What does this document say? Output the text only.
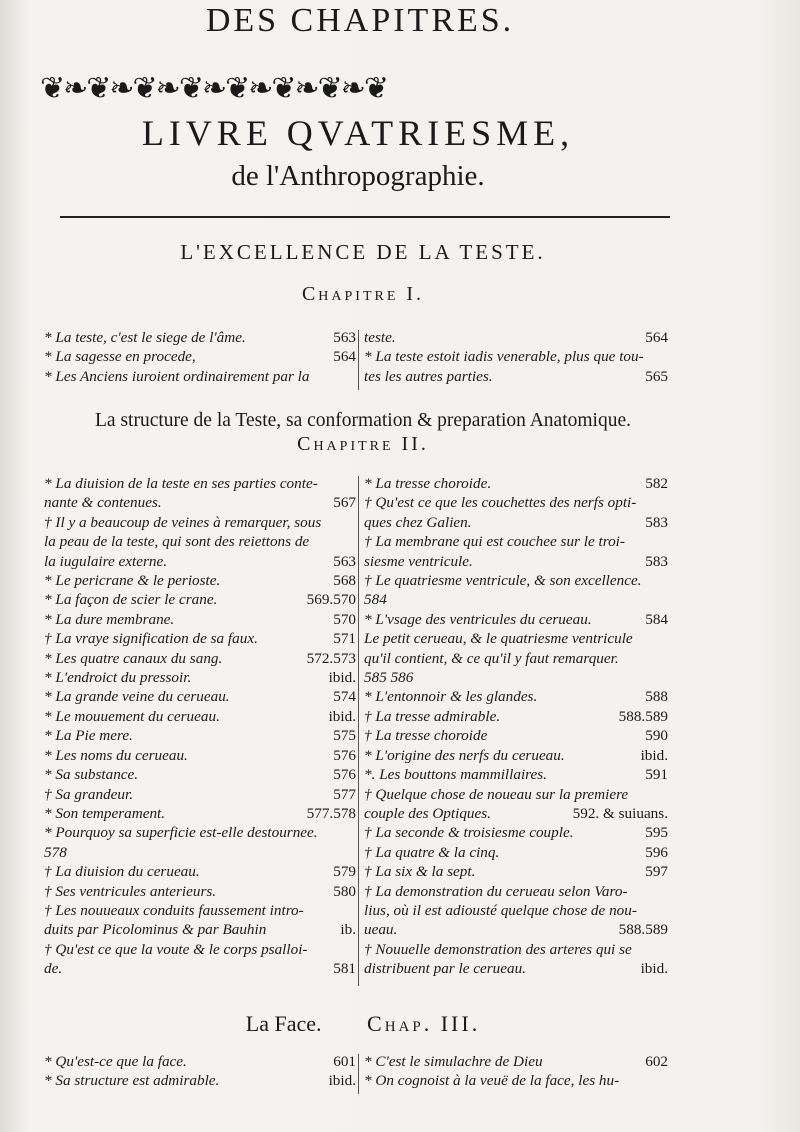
DES CHAPITRES.
❦❧❦❧❦❧❦❧❦❧❦❧❦❧❦
LIVRE QVATRIESME,
de l'Anthropographie.
L'EXCELLENCE DE LA TESTE.
Chapitre I.
563
* La teste, c'est le siege de l'âme.
564
* La sagesse en procede,
* Les Anciens iuroient ordinairement par la
564
teste.
* La teste estoit iadis venerable, plus que tou-
565
tes les autres parties.
La structure de la Teste, sa conformation & preparation Anatomique.
Chapitre II.
* La diuision de la teste en ses parties conte-
567
nante & contenues.
† Il y a beaucoup de veines à remarquer, sous
la peau de la teste, qui sont des reiettons de
563
la iugulaire externe.
568
* Le pericrane & le perioste.
569.570
* La façon de scier le crane.
570
* La dure membrane.
571
† La vraye signification de sa faux.
572.573
* Les quatre canaux du sang.
ibid.
* L'endroict du pressoir.
574
* La grande veine du cerueau.
ibid.
* Le mouuement du cerueau.
575
* La Pie mere.
576
* Les noms du cerueau.
576
* Sa substance.
577
† Sa grandeur.
577.578
* Son temperament.
* Pourquoy sa superficie est-elle destournee.
578
579
† La diuision du cerueau.
580
† Ses ventricules anterieurs.
† Les nouueaux conduits faussement intro-
ib.
duits par Picolominus & par Bauhin
† Qu'est ce que la voute & le corps psalloi-
581
de.
582
* La tresse choroide.
† Qu'est ce que les couchettes des nerfs opti-
583
ques chez Galien.
† La membrane qui est couchee sur le troi-
583
siesme ventricule.
† Le quatriesme ventricule, & son excellence.
584
584
* L'vsage des ventricules du cerueau.
Le petit cerueau, & le quatriesme ventricule
qu'il contient, & ce qu'il y faut remarquer.
585 586
588
* L'entonnoir & les glandes.
588.589
† La tresse admirable.
590
† La tresse choroide
ibid.
* L'origine des nerfs du cerueau.
591
*. Les bouttons mammillaires.
† Quelque chose de noueau sur la premiere
592. & suiuans.
couple des Optiques.
595
† La seconde & troisiesme couple.
596
† La quatre & la cinq.
597
† La six & la sept.
† La demonstration du cerueau selon Varo-
lius, où il est adiousté quelque chose de nou-
588.589
ueau.
† Nouuelle demonstration des arteres qui se
ibid.
distribuent par le cerueau.
La Face. Chap. III.
601
* Qu'est-ce que la face.
ibid.
* Sa structure est admirable.
602
* C'est le simulachre de Dieu
* On cognoist à la veuë de la face, les hu-
